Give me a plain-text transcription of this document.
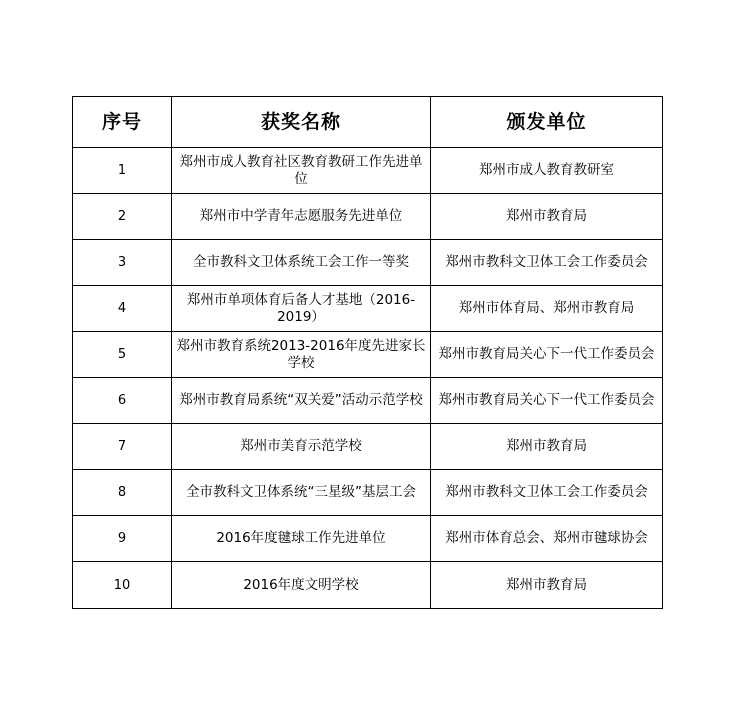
序号	获奖名称	颁发单位
1	郑州市成人教育社区教育教研工作先进单位	郑州市成人教育教研室
2	郑州市中学青年志愿服务先进单位	郑州市教育局
3	全市教科文卫体系统工会工作一等奖	郑州市教科文卫体工会工作委员会
4	郑州市单项体育后备人才基地（2016-2019）	郑州市体育局、郑州市教育局
5	郑州市教育系统2013-2016年度先进家长学校	郑州市教育局关心下一代工作委员会
6	郑州市教育局系统“双关爱”活动示范学校	郑州市教育局关心下一代工作委员会
7	郑州市美育示范学校	郑州市教育局
8	全市教科文卫体系统“三星级”基层工会	郑州市教科文卫体工会工作委员会
9	2016年度毽球工作先进单位	郑州市体育总会、郑州市毽球协会
10	2016年度文明学校	郑州市教育局
